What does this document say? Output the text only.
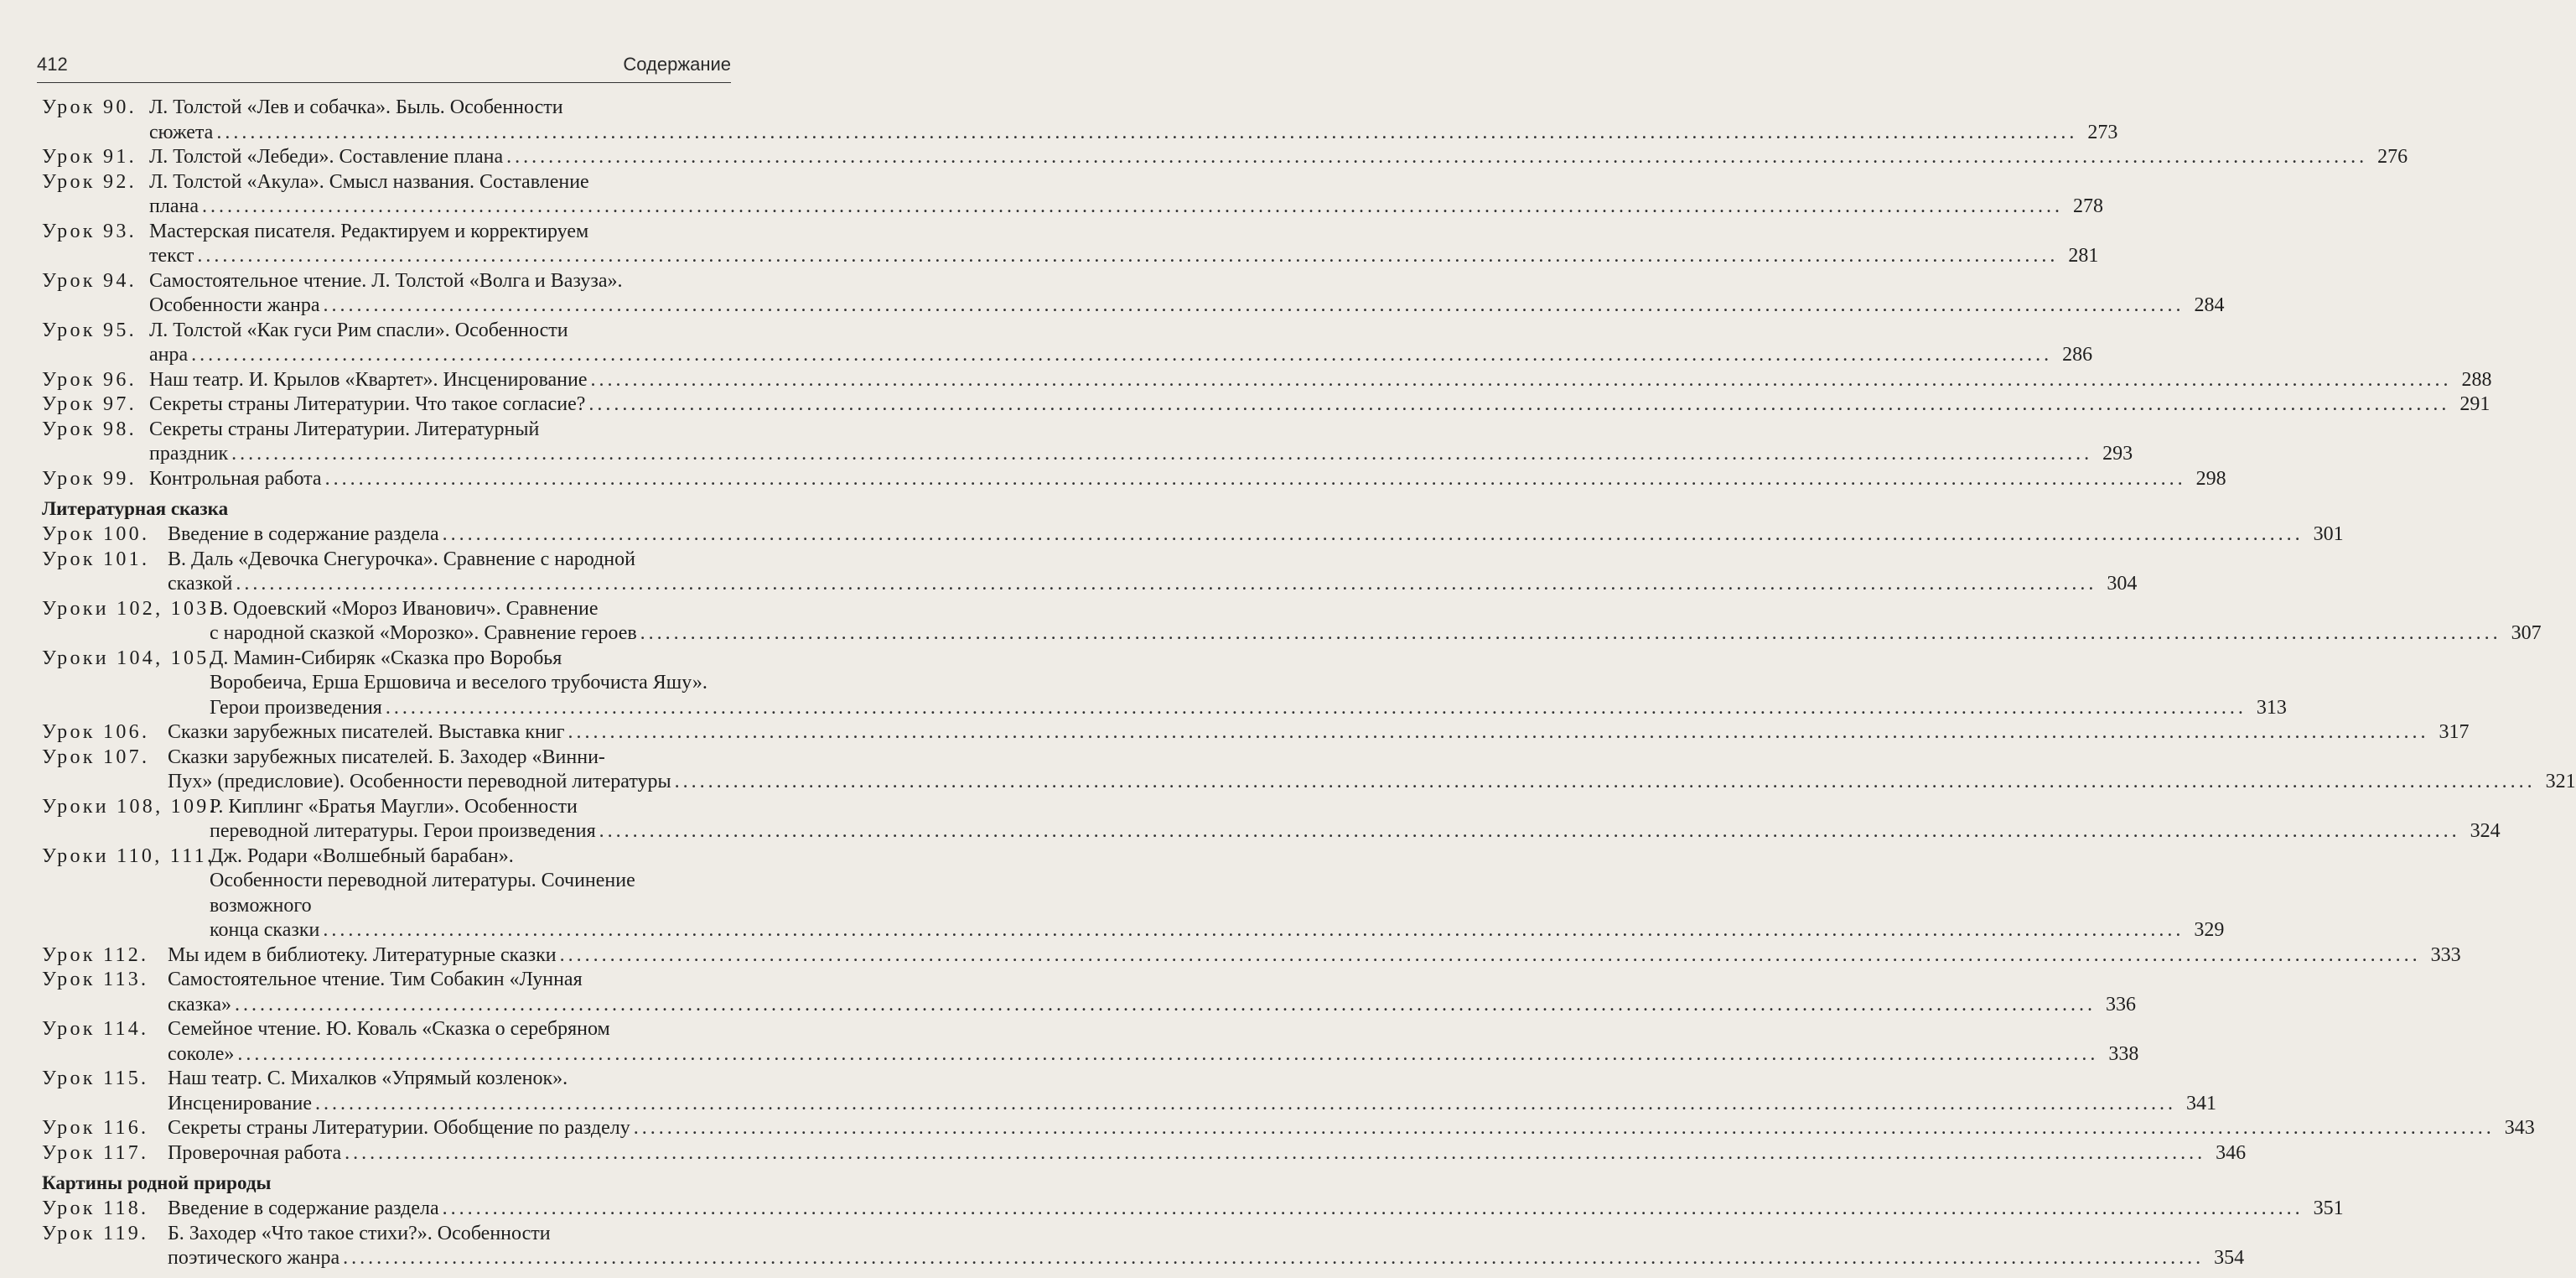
412	Содержание
Урок 90. Л. Толстой «Лев и собачка». Быль. Особенности
сюжета .............................................................................................................................................................................................................................. 273
Урок 91. Л. Толстой «Лебеди». Составление плана .............................................................................................................................................................................................................................. 276
Урок 92. Л. Толстой «Акула». Смысл названия. Составление
плана .............................................................................................................................................................................................................................. 278
Урок 93. Мастерская писателя. Редактируем и корректируем
текст .............................................................................................................................................................................................................................. 281
Урок 94. Самостоятельное чтение. Л. Толстой «Волга и Вазуза».
Особенности жанра .............................................................................................................................................................................................................................. 284
Урок 95. Л. Толстой «Как гуси Рим спасли». Особенности
анра .............................................................................................................................................................................................................................. 286
Урок 96. Наш театр. И. Крылов «Квартет». Инсценирование .............................................................................................................................................................................................................................. 288
Урок 97. Секреты страны Литературии. Что такое согласие? .............................................................................................................................................................................................................................. 291
Урок 98. Секреты страны Литературии. Литературный
праздник .............................................................................................................................................................................................................................. 293
Урок 99. Контрольная работа .............................................................................................................................................................................................................................. 298
Литературная сказка
Урок 100. Введение в содержание раздела .............................................................................................................................................................................................................................. 301
Урок 101. В. Даль «Девочка Снегурочка». Сравнение с народной
сказкой .............................................................................................................................................................................................................................. 304
Уроки 102, 103.
В. Одоевский «Мороз Иванович». Сравнение
с народной сказкой «Морозко». Сравнение героев .............................................................................................................................................................................................................................. 307
Уроки 104, 105.
Д. Мамин-Сибиряк «Сказка про Воробья
Воробеича, Ерша Ершовича и веселого трубочиста Яшу».
Герои произведения .............................................................................................................................................................................................................................. 313
Урок 106. Сказки зарубежных писателей. Выставка книг .............................................................................................................................................................................................................................. 317
Урок 107. Сказки зарубежных писателей. Б. Заходер «Винни-
Пух» (предисловие). Особенности переводной литературы .............................................................................................................................................................................................................................. 321
Уроки 108, 109.
Р. Киплинг «Братья Маугли». Особенности
переводной литературы. Герои произведения .............................................................................................................................................................................................................................. 324
Уроки 110, 111.
Дж. Родари «Волшебный барабан».
Особенности переводной литературы. Сочинение возможного
конца сказки .............................................................................................................................................................................................................................. 329
Урок 112. Мы идем в библиотеку. Литературные сказки .............................................................................................................................................................................................................................. 333
Урок 113. Самостоятельное чтение. Тим Собакин «Лунная
сказка» .............................................................................................................................................................................................................................. 336
Урок 114. Семейное чтение. Ю. Коваль «Сказка о серебряном
соколе» .............................................................................................................................................................................................................................. 338
Урок 115. Наш театр. С. Михалков «Упрямый козленок».
Инсценирование .............................................................................................................................................................................................................................. 341
Урок 116. Секреты страны Литературии. Обобщение по разделу .............................................................................................................................................................................................................................. 343
Урок 117. Проверочная работа .............................................................................................................................................................................................................................. 346
Картины родной природы
Урок 118. Введение в содержание раздела .............................................................................................................................................................................................................................. 351
Урок 119. Б. Заходер «Что такое стихи?». Особенности
поэтического жанра .............................................................................................................................................................................................................................. 354
